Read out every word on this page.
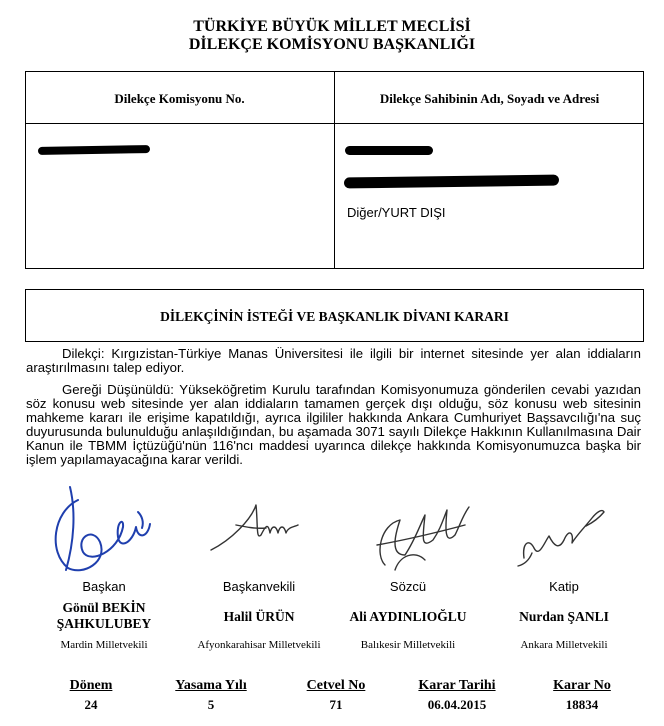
TÜRKİYE BÜYÜK MİLLET MECLİSİ
DİLEKÇE KOMİSYONU BAŞKANLIĞI
Dilekçe Komisyonu No.	Dilekçe Sahibinin Adı, Soyadı ve Adresi
Diğer/YURT DIŞI
DİLEKÇİNİN İSTEĞİ VE BAŞKANLIK DİVANI KARARI
Dilekçi: Kırgızistan-Türkiye Manas Üniversitesi ile ilgili bir internet sitesinde yer alan iddiaların araştırılmasını talep ediyor.
Gereği Düşünüldü: Yükseköğretim Kurulu tarafından Komisyonumuza gönderilen cevabi yazıdan söz konusu web sitesinde yer alan iddiaların tamamen gerçek dışı olduğu, söz konusu web sitesinin mahkeme kararı ile erişime kapatıldığı, ayrıca ilgililer hakkında Ankara Cumhuriyet Başsavcılığı'na suç duyurusunda bulunulduğu anlaşıldığından, bu aşamada 3071 sayılı Dilekçe Hakkının Kullanılmasına Dair Kanun ile TBMM İçtüzüğü'nün 116'ncı maddesi uyarınca dilekçe hakkında Komisyonumuzca başka bir işlem yapılamayacağına karar verildi.
Başkan	Başkanvekili	Sözcü	Katip
Gönül BEKİN
ŞAHKULUBEY	Halil ÜRÜN	Ali AYDINLIOĞLU	Nurdan ŞANLI
Mardin Milletvekili	Afyonkarahisar Milletvekili	Balıkesir Milletvekili	Ankara Milletvekili
Dönem	Yasama Yılı	Cetvel No	Karar Tarihi	Karar No
24	5	71	06.04.2015	18834
